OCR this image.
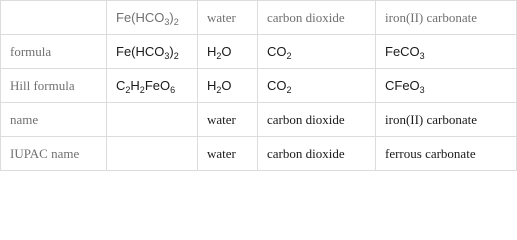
	$Fe(HCO_3)_2$	water	carbon dioxide	iron(II) carbonate
formula	$Fe(HCO_3)_2$	$H_2O$	$CO_2$	FeCO$_3$
Hill formula	$C_2H_2FeO_6$	$H_2O$	$CO_2$	CFeO$_3$
name		water	carbon dioxide	iron(II) carbonate
IUPAC name		water	carbon dioxide	ferrous carbonate
